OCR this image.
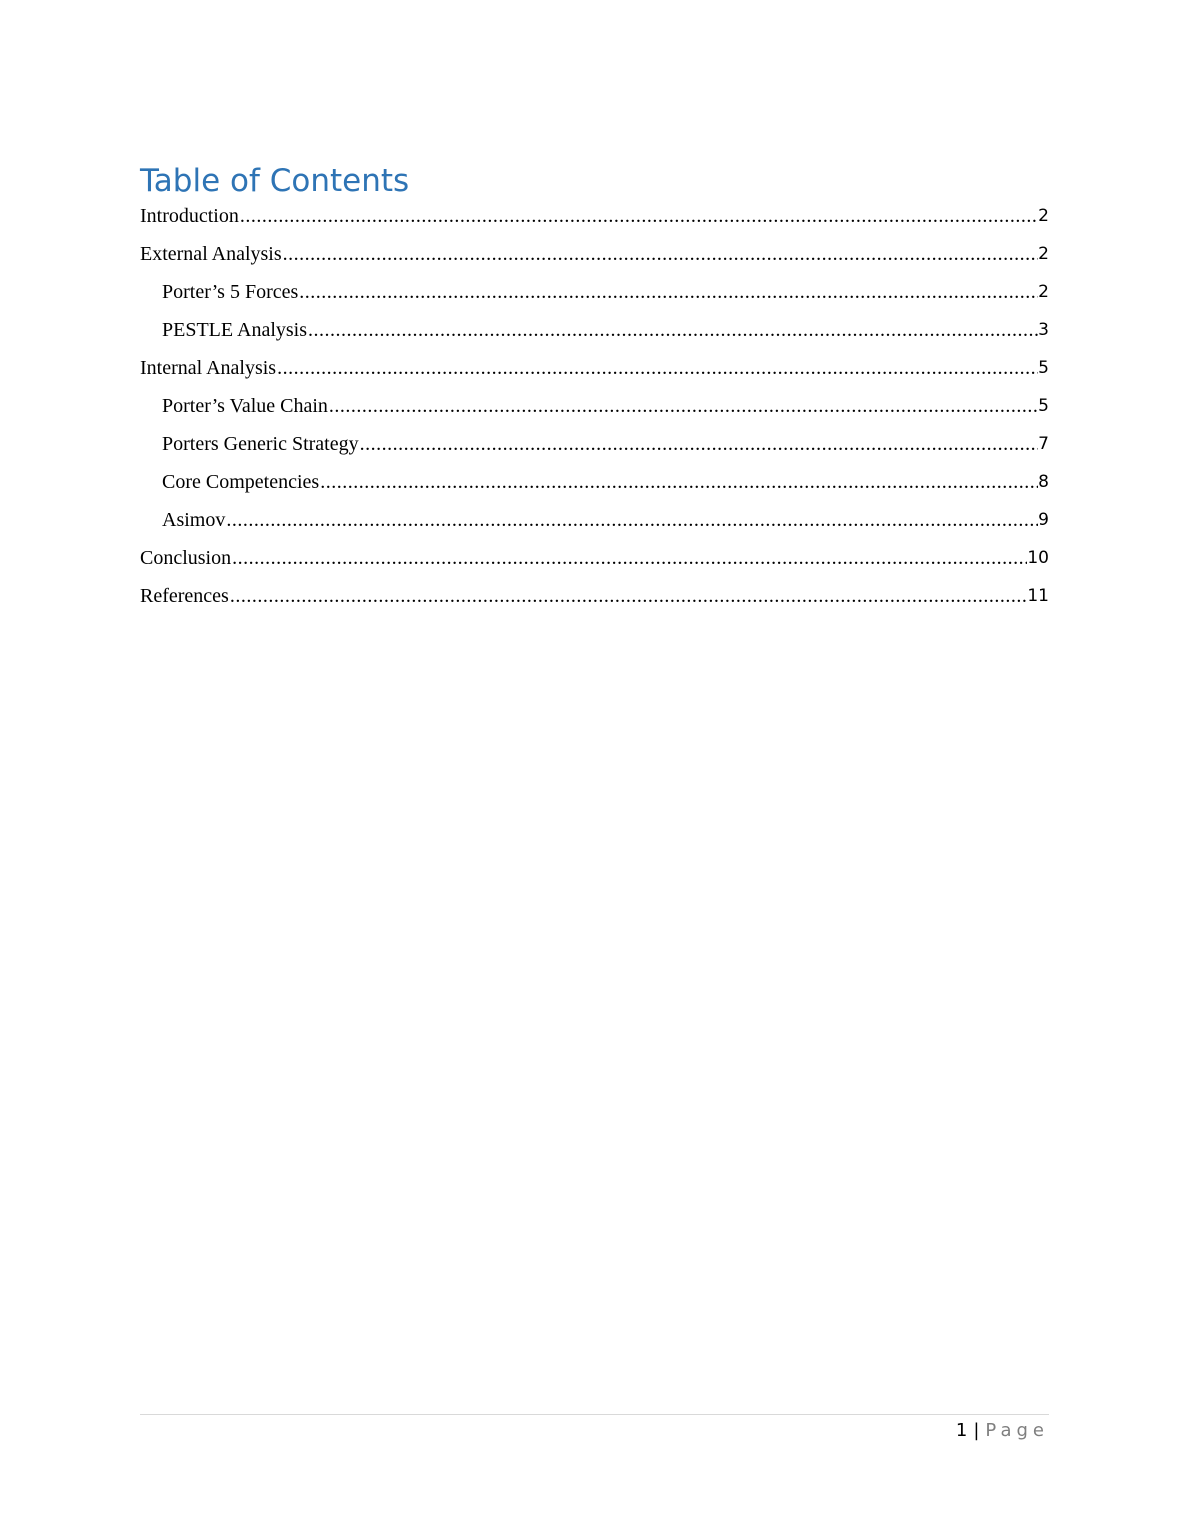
Table of Contents
Introduction .....	2
External Analysis .....	2
Porter’s 5 Forces .....	2
PESTLE Analysis .....	3
Internal Analysis .....	5
Porter’s Value Chain .....	5
Porters Generic Strategy .....	7
Core Competencies .....	8
Asimov .....	9
Conclusion .....	10
References .....	11
1 | Page
